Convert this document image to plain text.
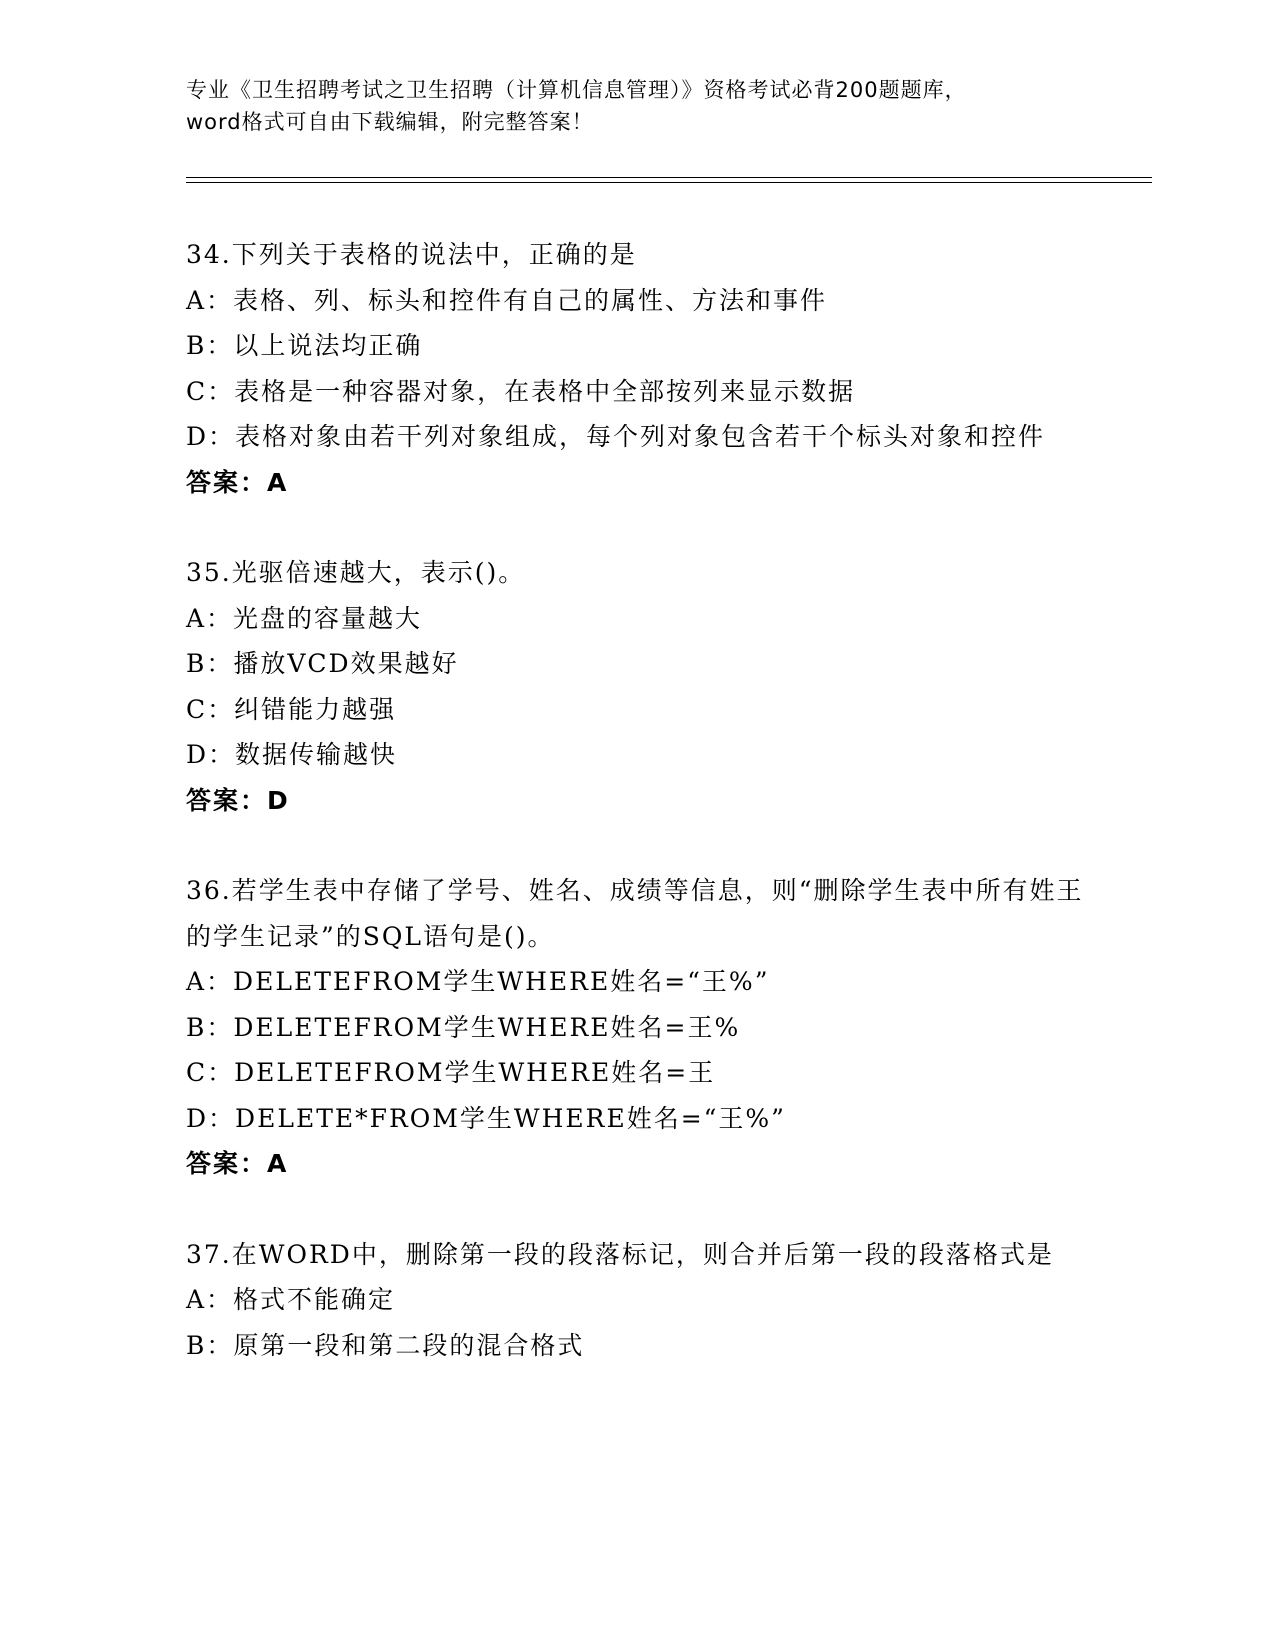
专业《卫生招聘考试之卫生招聘（计算机信息管理）》资格考试必背200题题库，
word格式可自由下载编辑，附完整答案！
34.下列关于表格的说法中，正确的是
A：表格、列、标头和控件有自己的属性、方法和事件
B：以上说法均正确
C：表格是一种容器对象，在表格中全部按列来显示数据
D：表格对象由若干列对象组成，每个列对象包含若干个标头对象和控件
答案：A
35.光驱倍速越大，表示()。
A：光盘的容量越大
B：播放VCD效果越好
C：纠错能力越强
D：数据传输越快
答案：D
36.若学生表中存储了学号、姓名、成绩等信息，则“删除学生表中所有姓王的学生记录”的SQL语句是()。
A：DELETEFROM学生WHERE姓名=“王%”
B：DELETEFROM学生WHERE姓名=王%
C：DELETEFROM学生WHERE姓名=王
D：DELETE*FROM学生WHERE姓名=“王%”
答案：A
37.在WORD中，删除第一段的段落标记，则合并后第一段的段落格式是
A：格式不能确定
B：原第一段和第二段的混合格式
